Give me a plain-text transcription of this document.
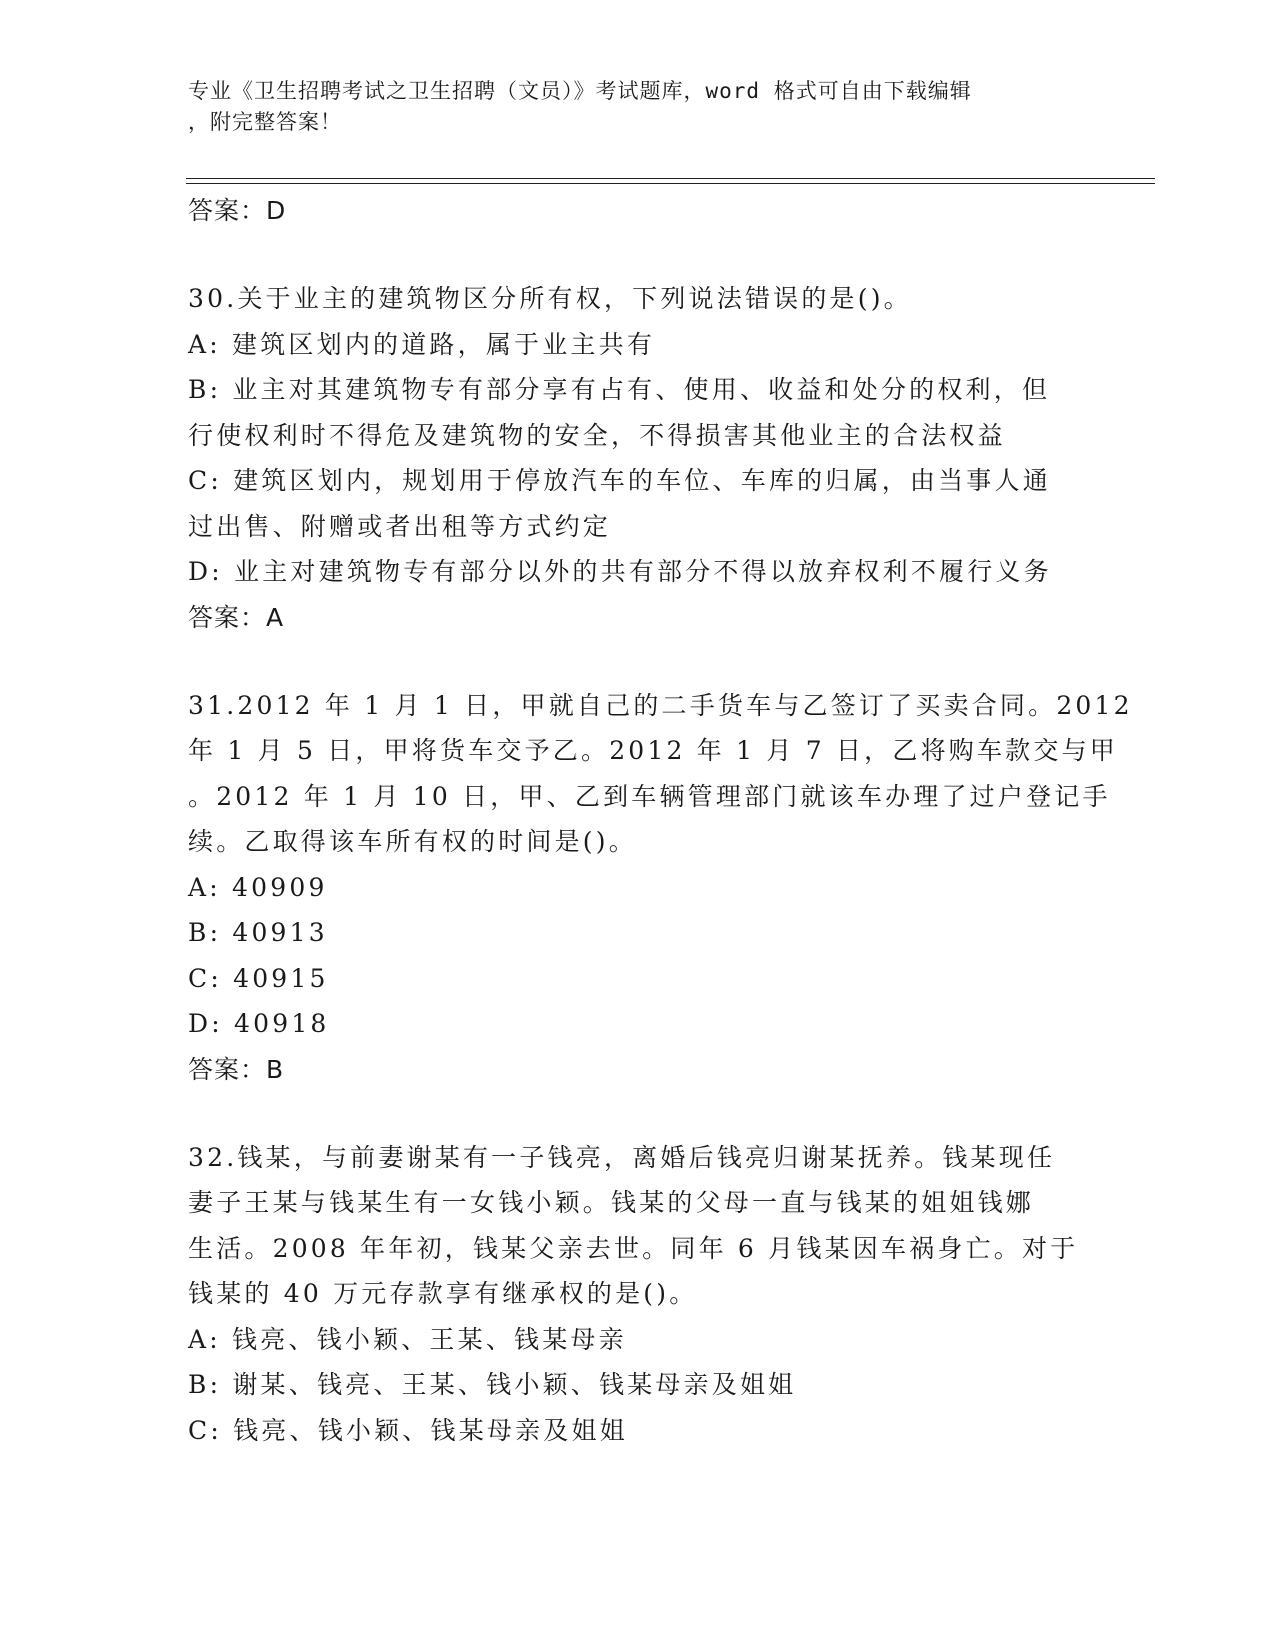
专业《卫生招聘考试之卫生招聘（文员）》考试题库，word 格式可自由下载编辑
，附完整答案！
答案：D
30.关于业主的建筑物区分所有权，下列说法错误的是()。
A: 建筑区划内的道路，属于业主共有
B: 业主对其建筑物专有部分享有占有、使用、收益和处分的权利，但
行使权利时不得危及建筑物的安全，不得损害其他业主的合法权益
C: 建筑区划内，规划用于停放汽车的车位、车库的归属，由当事人通
过出售、附赠或者出租等方式约定
D: 业主对建筑物专有部分以外的共有部分不得以放弃权利不履行义务
答案：A
31.2012 年 1 月 1 日，甲就自己的二手货车与乙签订了买卖合同。2012
年 1 月 5 日，甲将货车交予乙。2012 年 1 月 7 日，乙将购车款交与甲
。2012 年 1 月 10 日，甲、乙到车辆管理部门就该车办理了过户登记手
续。乙取得该车所有权的时间是()。
A: 40909
B: 40913
C: 40915
D: 40918
答案：B
32.钱某，与前妻谢某有一子钱亮，离婚后钱亮归谢某抚养。钱某现任
妻子王某与钱某生有一女钱小颖。钱某的父母一直与钱某的姐姐钱娜
生活。2008 年年初，钱某父亲去世。同年 6 月钱某因车祸身亡。对于
钱某的 40 万元存款享有继承权的是()。
A: 钱亮、钱小颖、王某、钱某母亲
B: 谢某、钱亮、王某、钱小颖、钱某母亲及姐姐
C: 钱亮、钱小颖、钱某母亲及姐姐
